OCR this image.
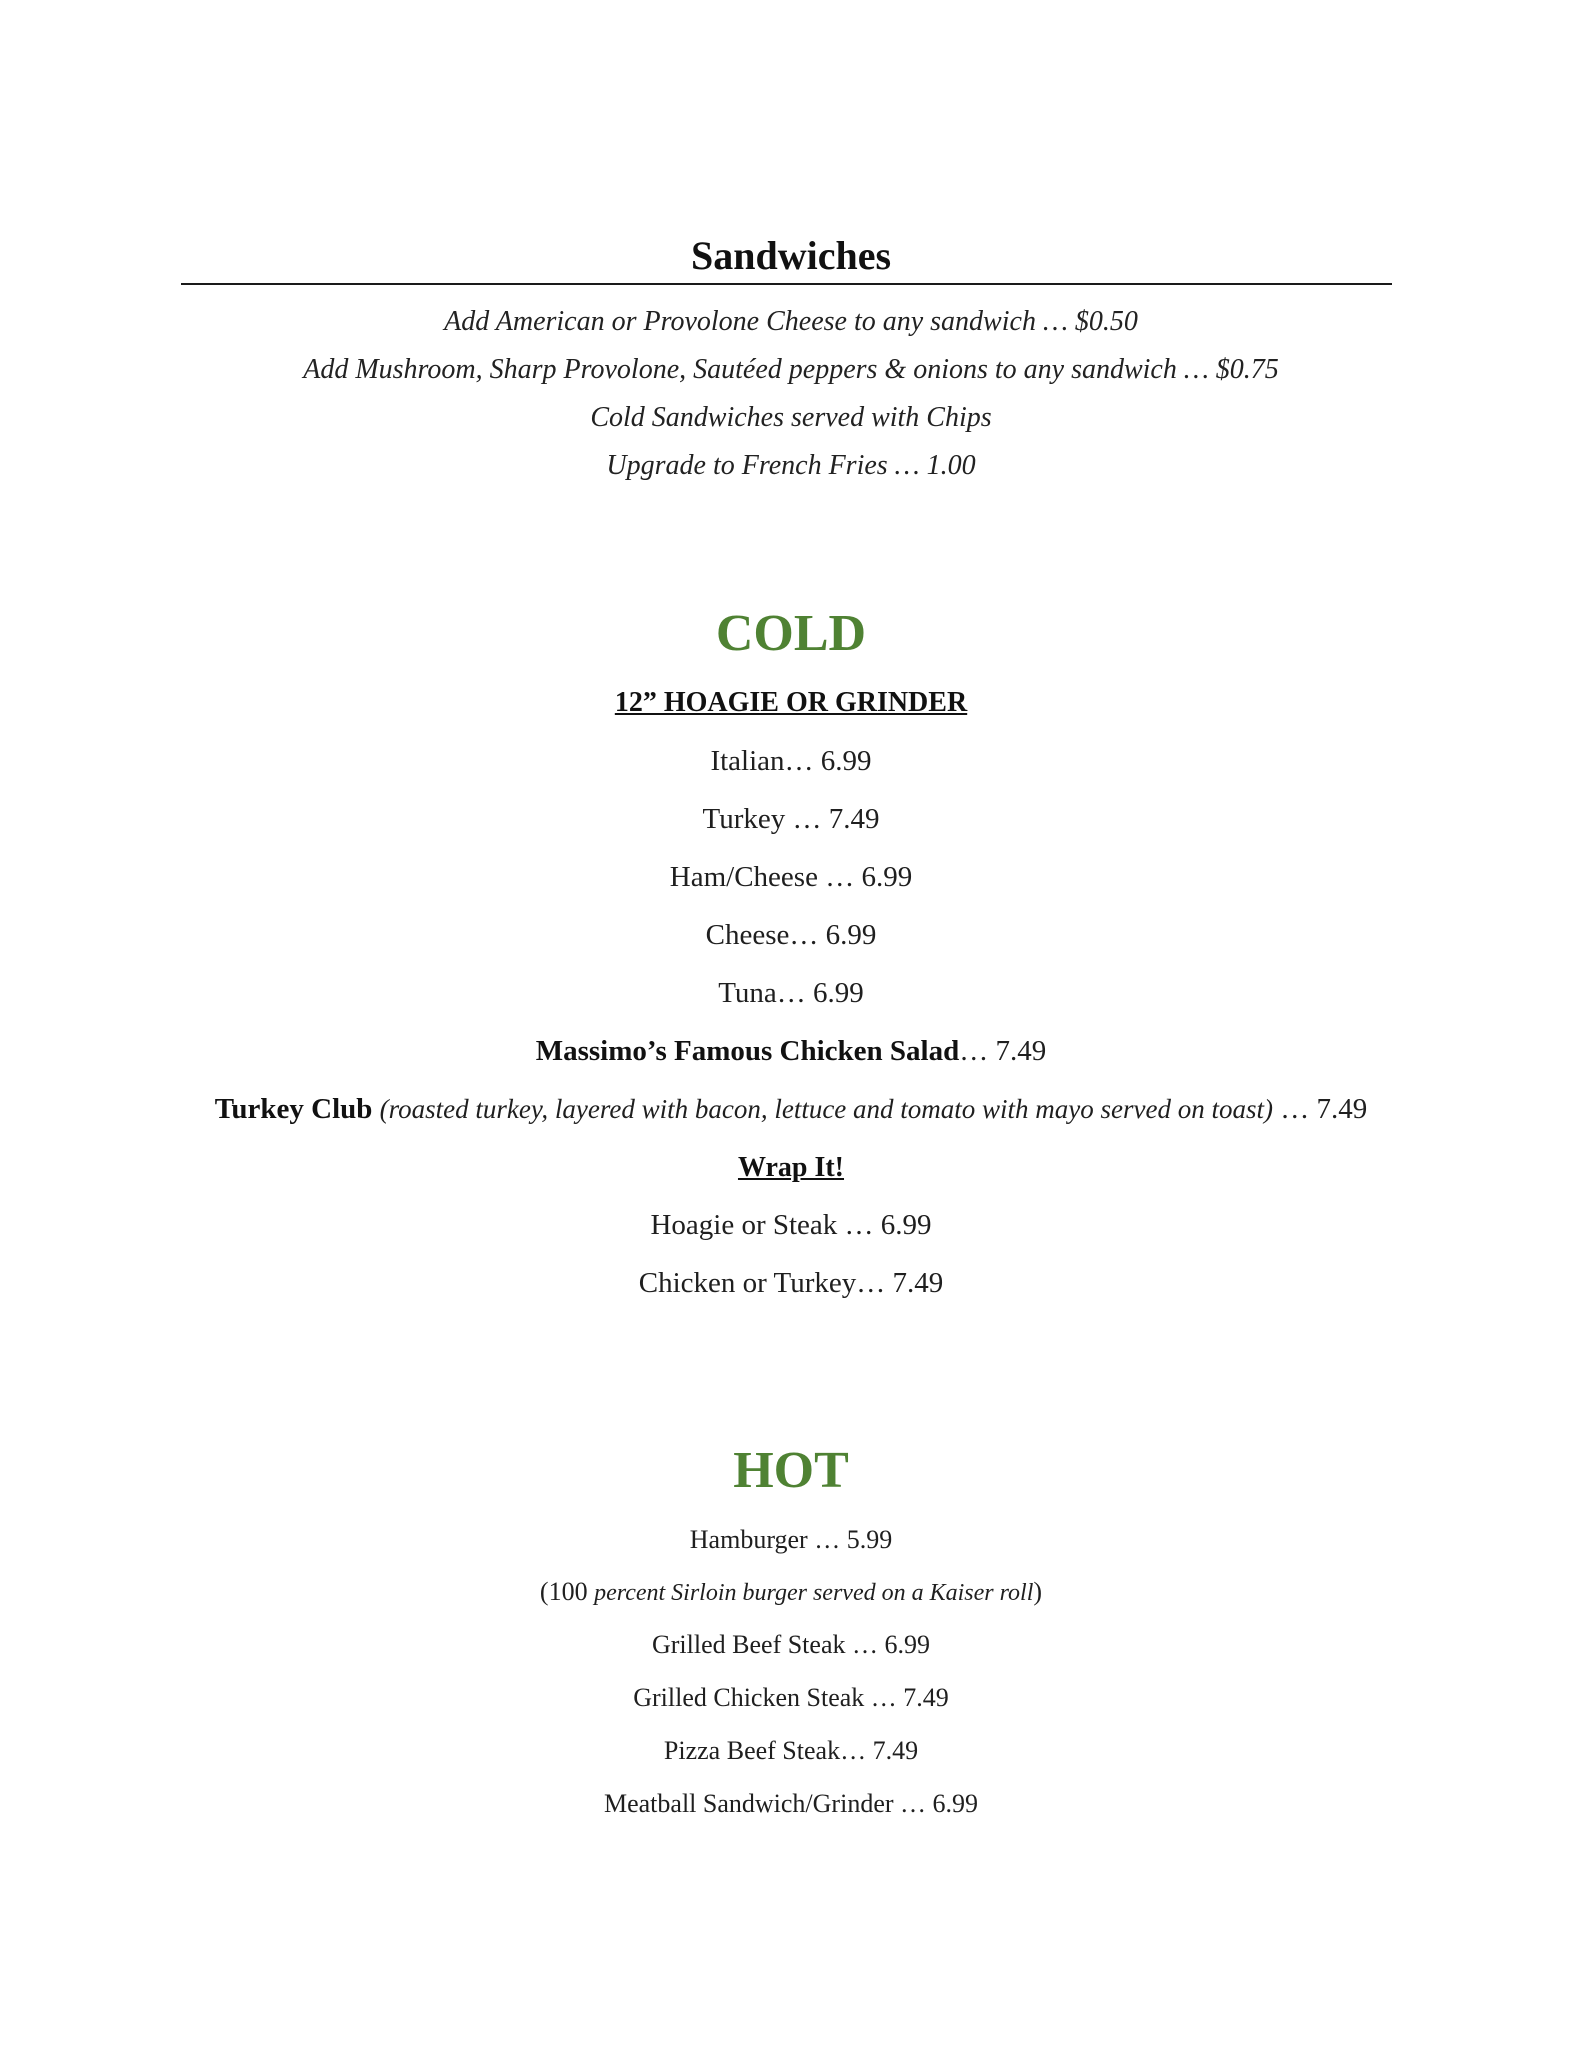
Sandwiches
Add American or Provolone Cheese to any sandwich … $0.50
Add Mushroom, Sharp Provolone, Sautéed peppers & onions to any sandwich … $0.75
Cold Sandwiches served with Chips
Upgrade to French Fries … 1.00
COLD
12” HOAGIE OR GRINDER
Italian… 6.99
Turkey … 7.49
Ham/Cheese … 6.99
Cheese… 6.99
Tuna… 6.99
Massimo’s Famous Chicken Salad… 7.49
Turkey Club (roasted turkey, layered with bacon, lettuce and tomato with mayo served on toast) … 7.49
Wrap It!
Hoagie or Steak … 6.99
Chicken or Turkey… 7.49
HOT
Hamburger … 5.99
(100 percent Sirloin burger served on a Kaiser roll)
Grilled Beef Steak … 6.99
Grilled Chicken Steak … 7.49
Pizza Beef Steak… 7.49
Meatball Sandwich/Grinder … 6.99
